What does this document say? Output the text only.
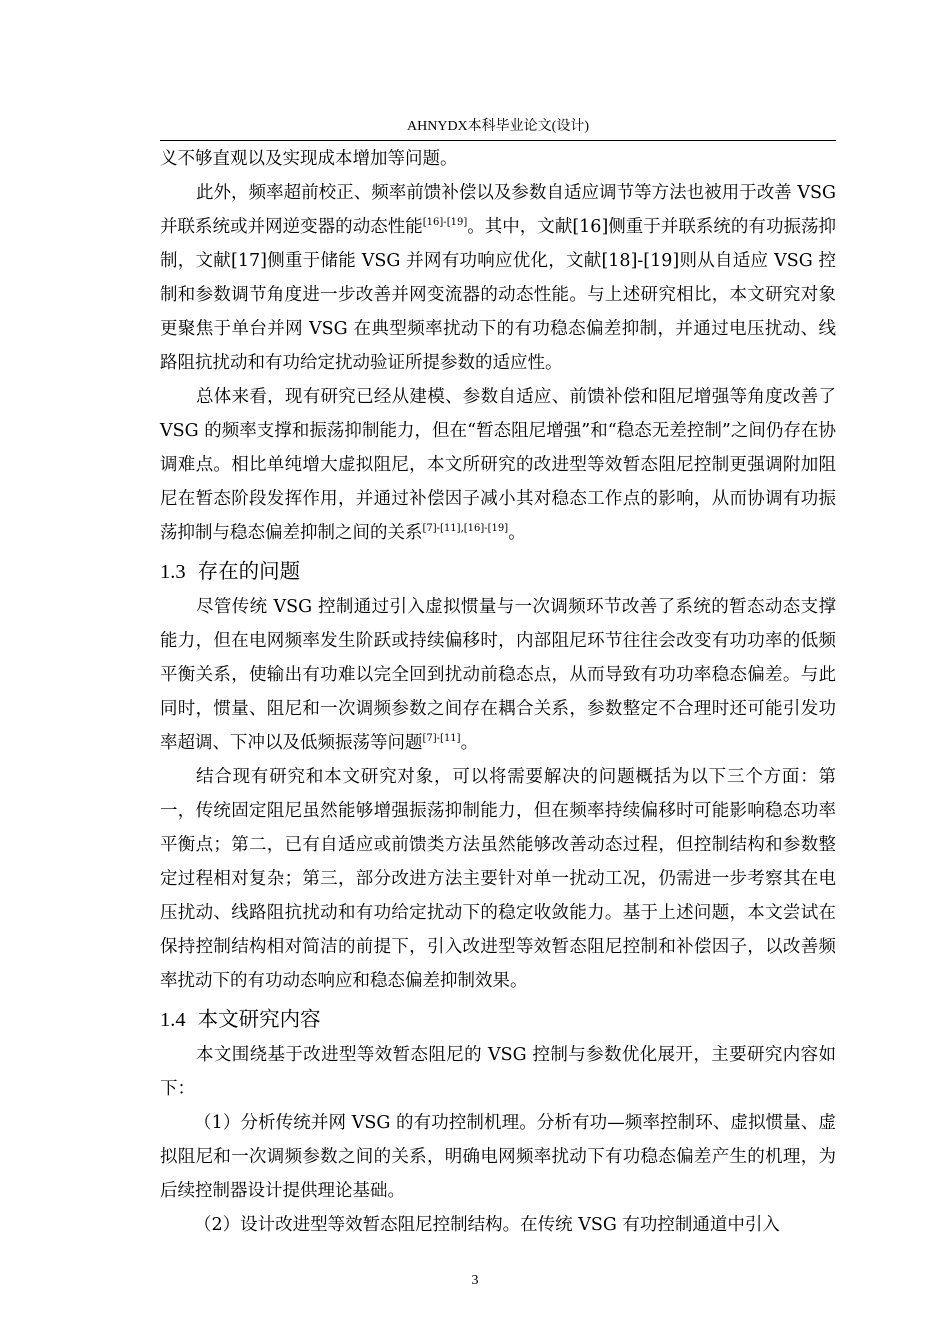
AHNYDX本科毕业论文(设计)

义不够直观以及实现成本增加等问题。

此外，频率超前校正、频率前馈补偿以及参数自适应调节等方法也被用于改善 VSG 并联系统或并网逆变器的动态性能[16]-[19]。其中，文献[16]侧重于并联系统的有功振荡抑制，文献[17]侧重于储能 VSG 并网有功响应优化，文献[18]-[19]则从自适应 VSG 控制和参数调节角度进一步改善并网变流器的动态性能。与上述研究相比，本文研究对象更聚焦于单台并网 VSG 在典型频率扰动下的有功稳态偏差抑制，并通过电压扰动、线路阻抗扰动和有功给定扰动验证所提参数的适应性。

总体来看，现有研究已经从建模、参数自适应、前馈补偿和阻尼增强等角度改善了 VSG 的频率支撑和振荡抑制能力，但在“暂态阻尼增强”和“稳态无差控制”之间仍存在协调难点。相比单纯增大虚拟阻尼，本文所研究的改进型等效暂态阻尼控制更强调附加阻尼在暂态阶段发挥作用，并通过补偿因子减小其对稳态工作点的影响，从而协调有功振荡抑制与稳态偏差抑制之间的关系[7]-[11],[16]-[19]。

1.3 存在的问题

尽管传统 VSG 控制通过引入虚拟惯量与一次调频环节改善了系统的暂态动态支撑能力，但在电网频率发生阶跃或持续偏移时，内部阻尼环节往往会改变有功功率的低频平衡关系，使输出有功难以完全回到扰动前稳态点，从而导致有功功率稳态偏差。与此同时，惯量、阻尼和一次调频参数之间存在耦合关系，参数整定不合理时还可能引发功率超调、下冲以及低频振荡等问题[7]-[11]。

结合现有研究和本文研究对象，可以将需要解决的问题概括为以下三个方面：第一，传统固定阻尼虽然能够增强振荡抑制能力，但在频率持续偏移时可能影响稳态功率平衡点；第二，已有自适应或前馈类方法虽然能够改善动态过程，但控制结构和参数整定过程相对复杂；第三，部分改进方法主要针对单一扰动工况，仍需进一步考察其在电压扰动、线路阻抗扰动和有功给定扰动下的稳定收敛能力。基于上述问题，本文尝试在保持控制结构相对简洁的前提下，引入改进型等效暂态阻尼控制和补偿因子，以改善频率扰动下的有功动态响应和稳态偏差抑制效果。

1.4 本文研究内容

本文围绕基于改进型等效暂态阻尼的 VSG 控制与参数优化展开，主要研究内容如下：

（1）分析传统并网 VSG 的有功控制机理。分析有功—频率控制环、虚拟惯量、虚拟阻尼和一次调频参数之间的关系，明确电网频率扰动下有功稳态偏差产生的机理，为后续控制器设计提供理论基础。

（2）设计改进型等效暂态阻尼控制结构。在传统 VSG 有功控制通道中引入

3
